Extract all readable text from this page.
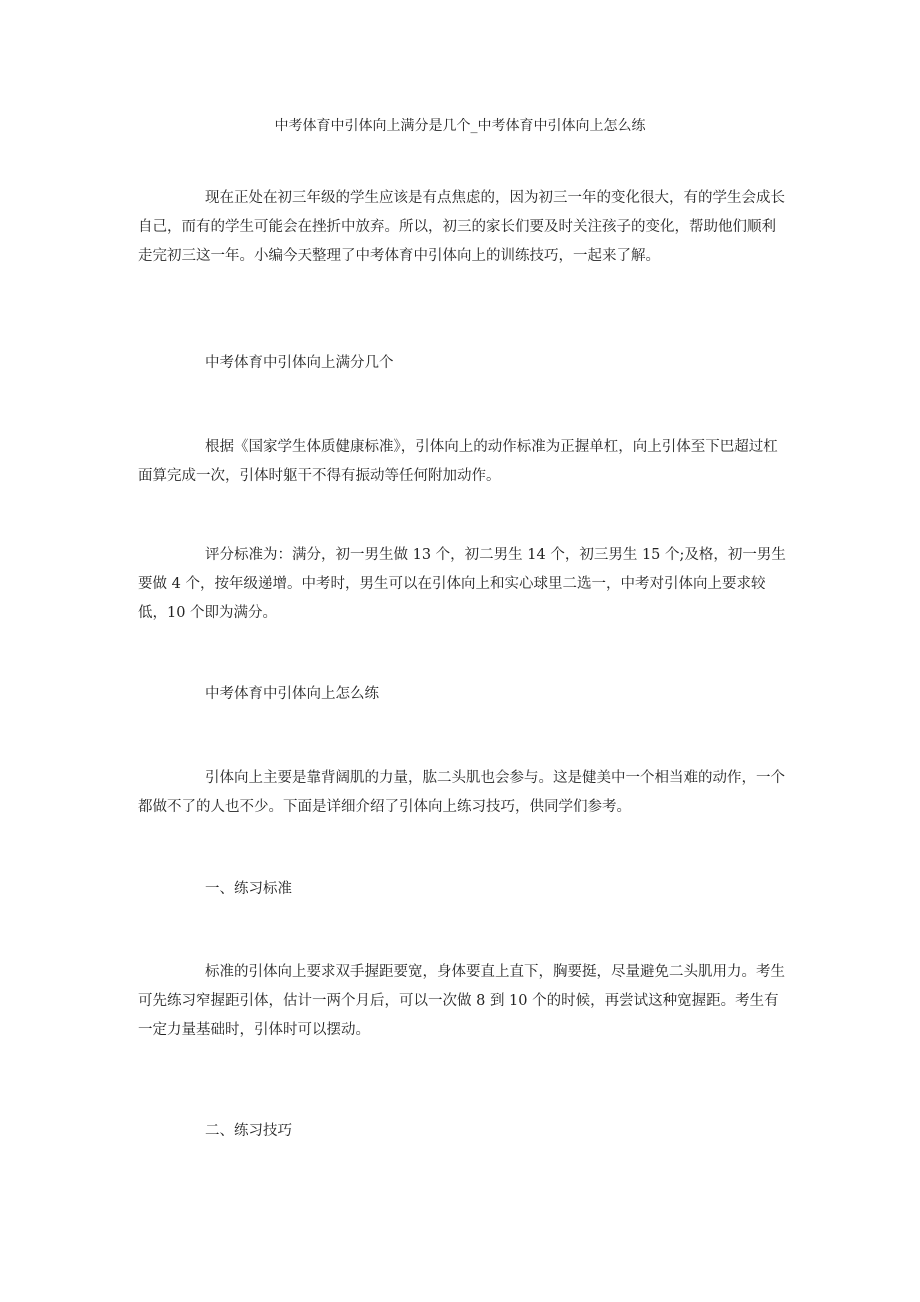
中考体育中引体向上满分是几个_中考体育中引体向上怎么练

现在正处在初三年级的学生应该是有点焦虑的，因为初三一年的变化很大，有的学生会成长自己，而有的学生可能会在挫折中放弃。所以，初三的家长们要及时关注孩子的变化，帮助他们顺利走完初三这一年。小编今天整理了中考体育中引体向上的训练技巧，一起来了解。

中考体育中引体向上满分几个

根据《国家学生体质健康标准》，引体向上的动作标准为正握单杠，向上引体至下巴超过杠面算完成一次，引体时躯干不得有振动等任何附加动作。

评分标准为：满分，初一男生做 13 个，初二男生 14 个，初三男生 15 个;及格，初一男生要做 4 个，按年级递增。中考时，男生可以在引体向上和实心球里二选一，中考对引体向上要求较低，10 个即为满分。

中考体育中引体向上怎么练

引体向上主要是靠背阔肌的力量，肱二头肌也会参与。这是健美中一个相当难的动作，一个都做不了的人也不少。下面是详细介绍了引体向上练习技巧，供同学们参考。

一、练习标准

标准的引体向上要求双手握距要宽，身体要直上直下，胸要挺，尽量避免二头肌用力。考生可先练习窄握距引体，估计一两个月后，可以一次做 8 到 10 个的时候，再尝试这种宽握距。考生有一定力量基础时，引体时可以摆动。

二、练习技巧
